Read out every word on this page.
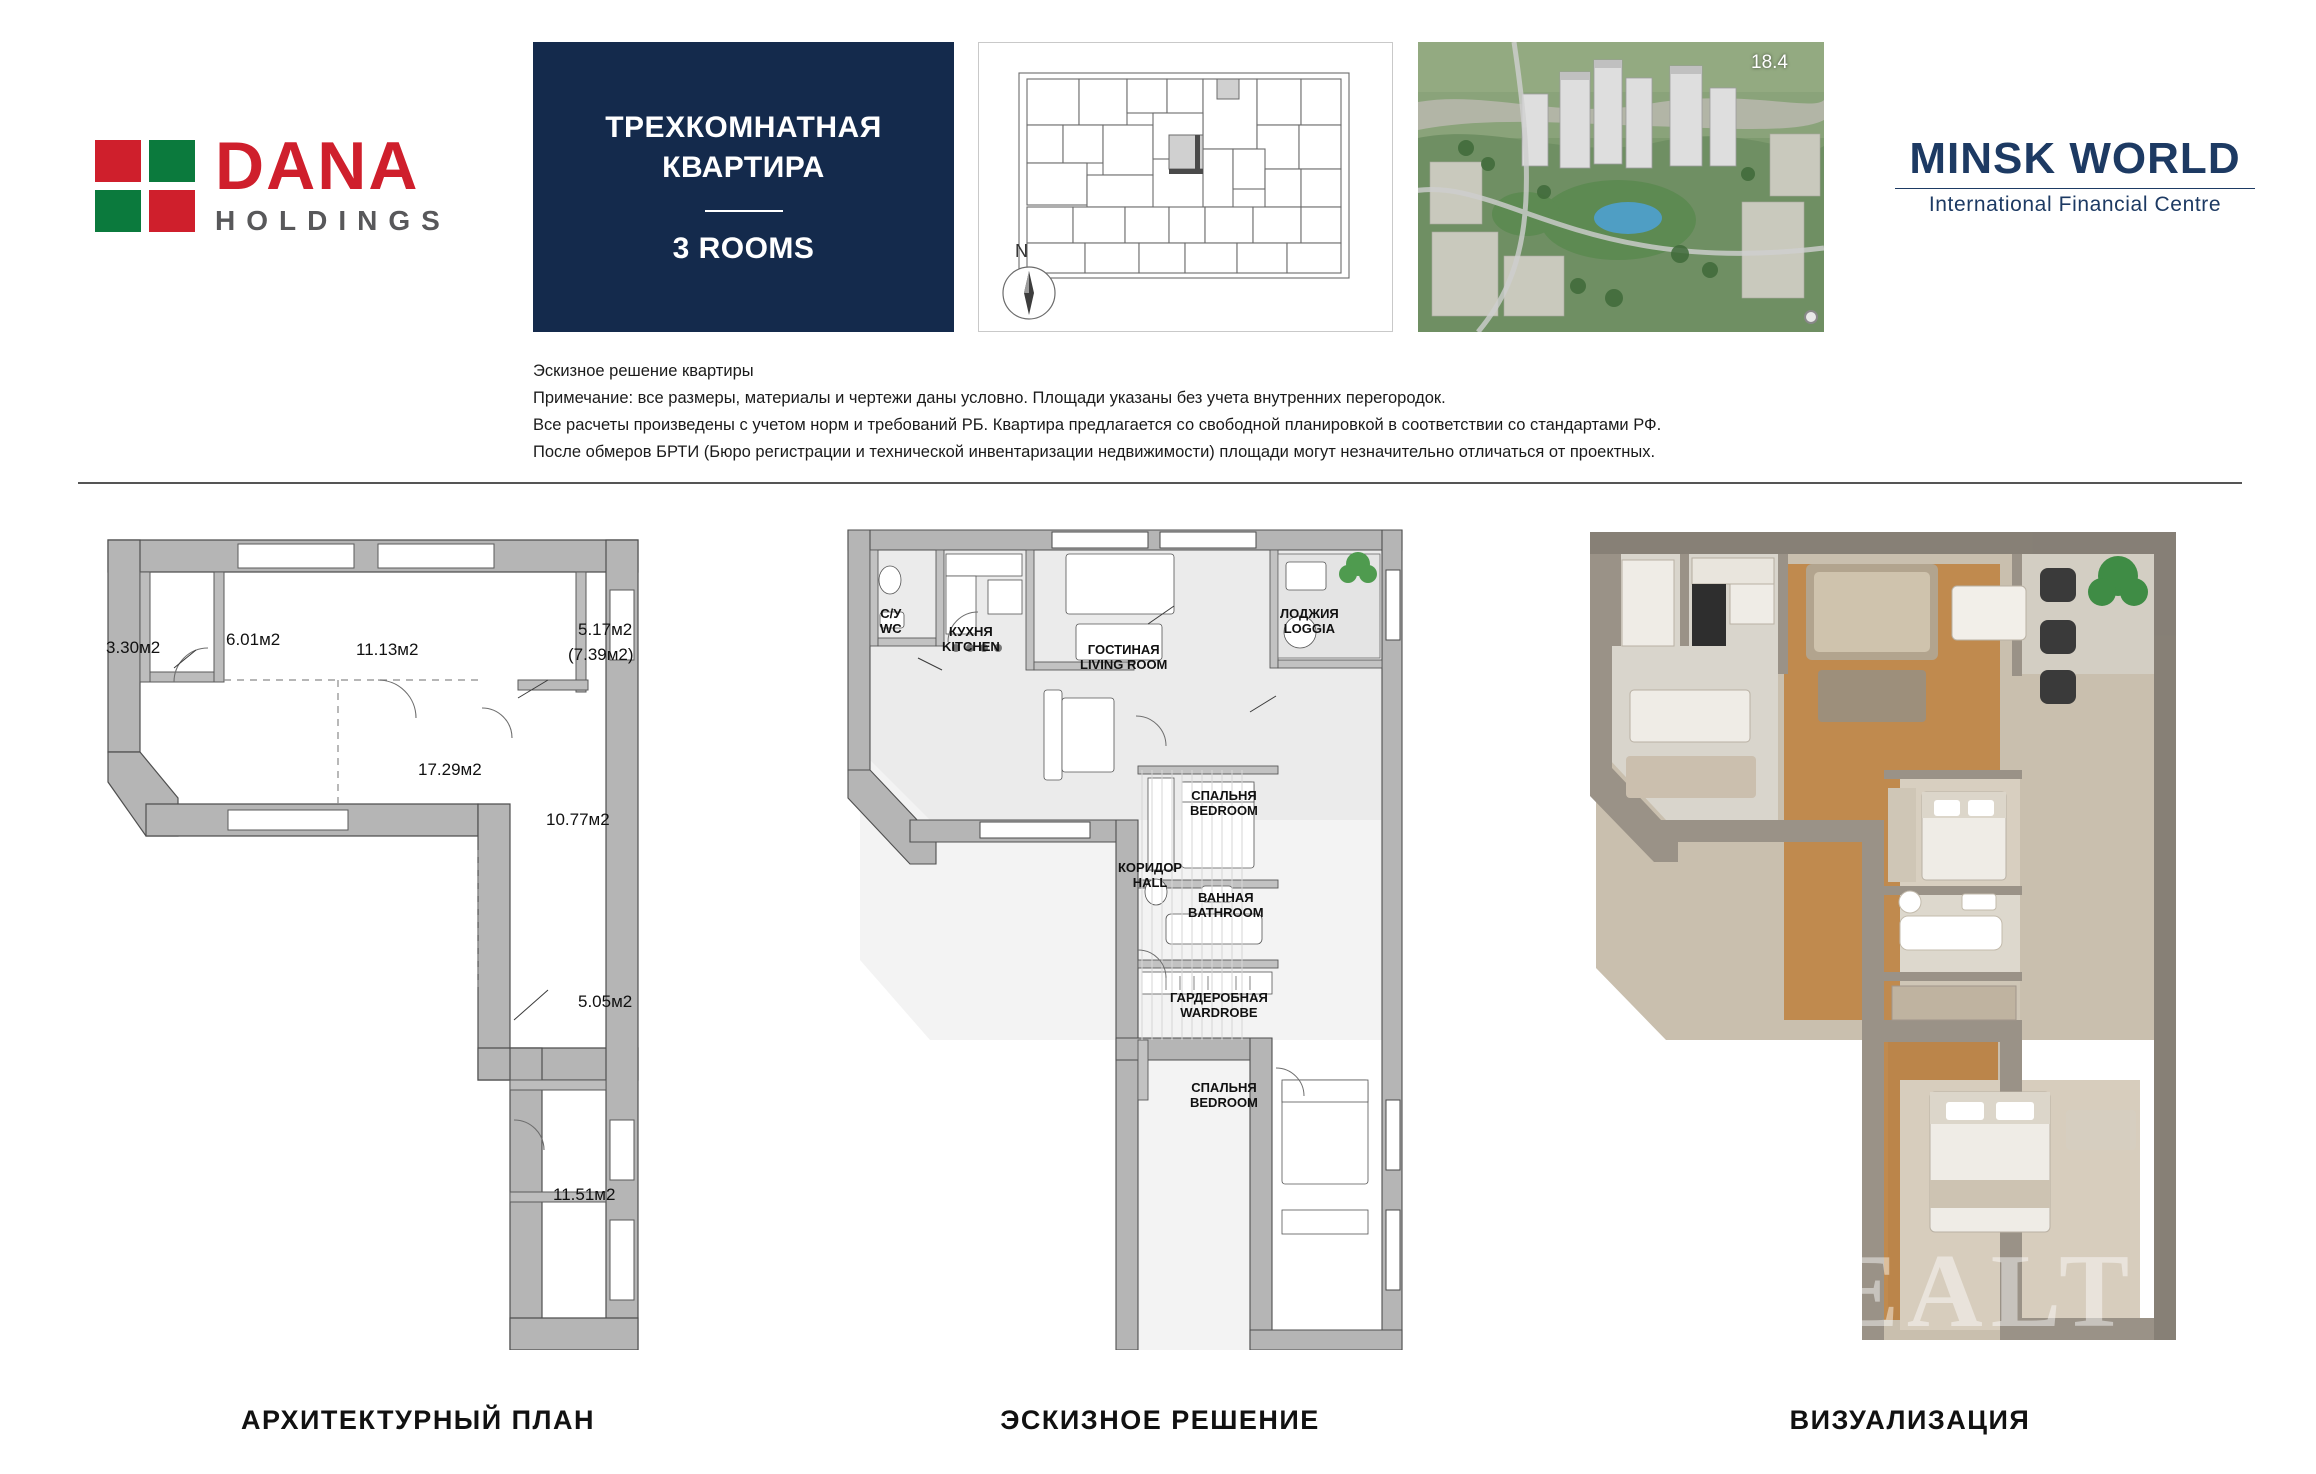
DANA
HOLDINGS
ТРЕХКОМНАТНАЯ
КВАРТИРА
3 ROOMS	N
18.4
MINSK WORLD
International Financial Centre

Эскизное решение квартиры

Примечание: все размеры, материалы и чертежи даны условно. Площади указаны без учета внутренних перегородок.

Все расчеты произведены с учетом норм и требований РБ. Квартира предлагается со свободной планировкой в соответствии со стандартами РФ.

После обмеров БРТИ (Бюро регистрации и технической инвентаризации недвижимости) площади могут незначительно отличаться от проектных.

3.30м2	6.01м2
11.13м2
5.17м2
(7.39м2)
17.29м2
10.77м2
5.05м2
11.51м2
С/У
WC	КУХНЯ
KITCHEN	ГОСТИНАЯ
LIVING ROOM
ЛОДЖИЯ
LOGGIA
СПАЛЬНЯ
BEDROOM
КОРИДОР
HALL
ВАННАЯ
BATHROOM
ГАРДЕРОБНАЯ
WARDROBE
СПАЛЬНЯ
BEDROOM
REALT
АРХИТЕКТУРНЫЙ ПЛАН	ЭСКИЗНОЕ РЕШЕНИЕ	ВИЗУАЛИЗАЦИЯ
